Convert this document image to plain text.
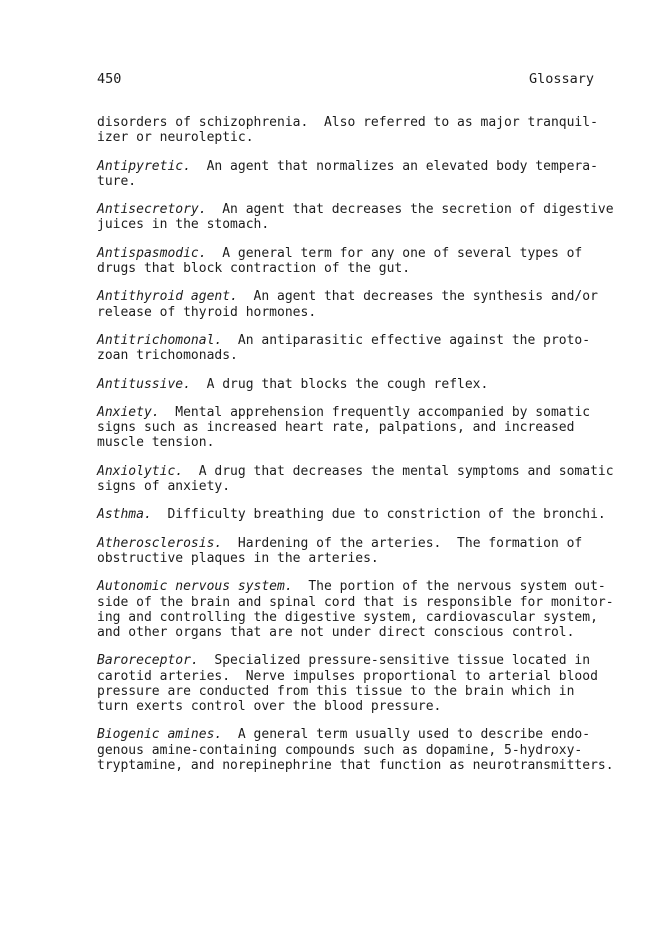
450	Glossary
disorders of schizophrenia.  Also referred to as major tranquil-
izer or neuroleptic.
Antipyretic.  An agent that normalizes an elevated body tempera-
ture.
Antisecretory.  An agent that decreases the secretion of digestive
juices in the stomach.
Antispasmodic.  A general term for any one of several types of
drugs that block contraction of the gut.
Antithyroid agent.  An agent that decreases the synthesis and/or
release of thyroid hormones.
Antitrichomonal.  An antiparasitic effective against the proto-
zoan trichomonads.
Antitussive.  A drug that blocks the cough reflex.
Anxiety.  Mental apprehension frequently accompanied by somatic
signs such as increased heart rate, palpations, and increased
muscle tension.
Anxiolytic.  A drug that decreases the mental symptoms and somatic
signs of anxiety.
Asthma.  Difficulty breathing due to constriction of the bronchi.
Atherosclerosis.  Hardening of the arteries.  The formation of
obstructive plaques in the arteries.
Autonomic nervous system.  The portion of the nervous system out-
side of the brain and spinal cord that is responsible for monitor-
ing and controlling the digestive system, cardiovascular system,
and other organs that are not under direct conscious control.
Baroreceptor.  Specialized pressure-sensitive tissue located in
carotid arteries.  Nerve impulses proportional to arterial blood
pressure are conducted from this tissue to the brain which in
turn exerts control over the blood pressure.
Biogenic amines.  A general term usually used to describe endo-
genous amine-containing compounds such as dopamine, 5-hydroxy-
tryptamine, and norepinephrine that function as neurotransmitters.
